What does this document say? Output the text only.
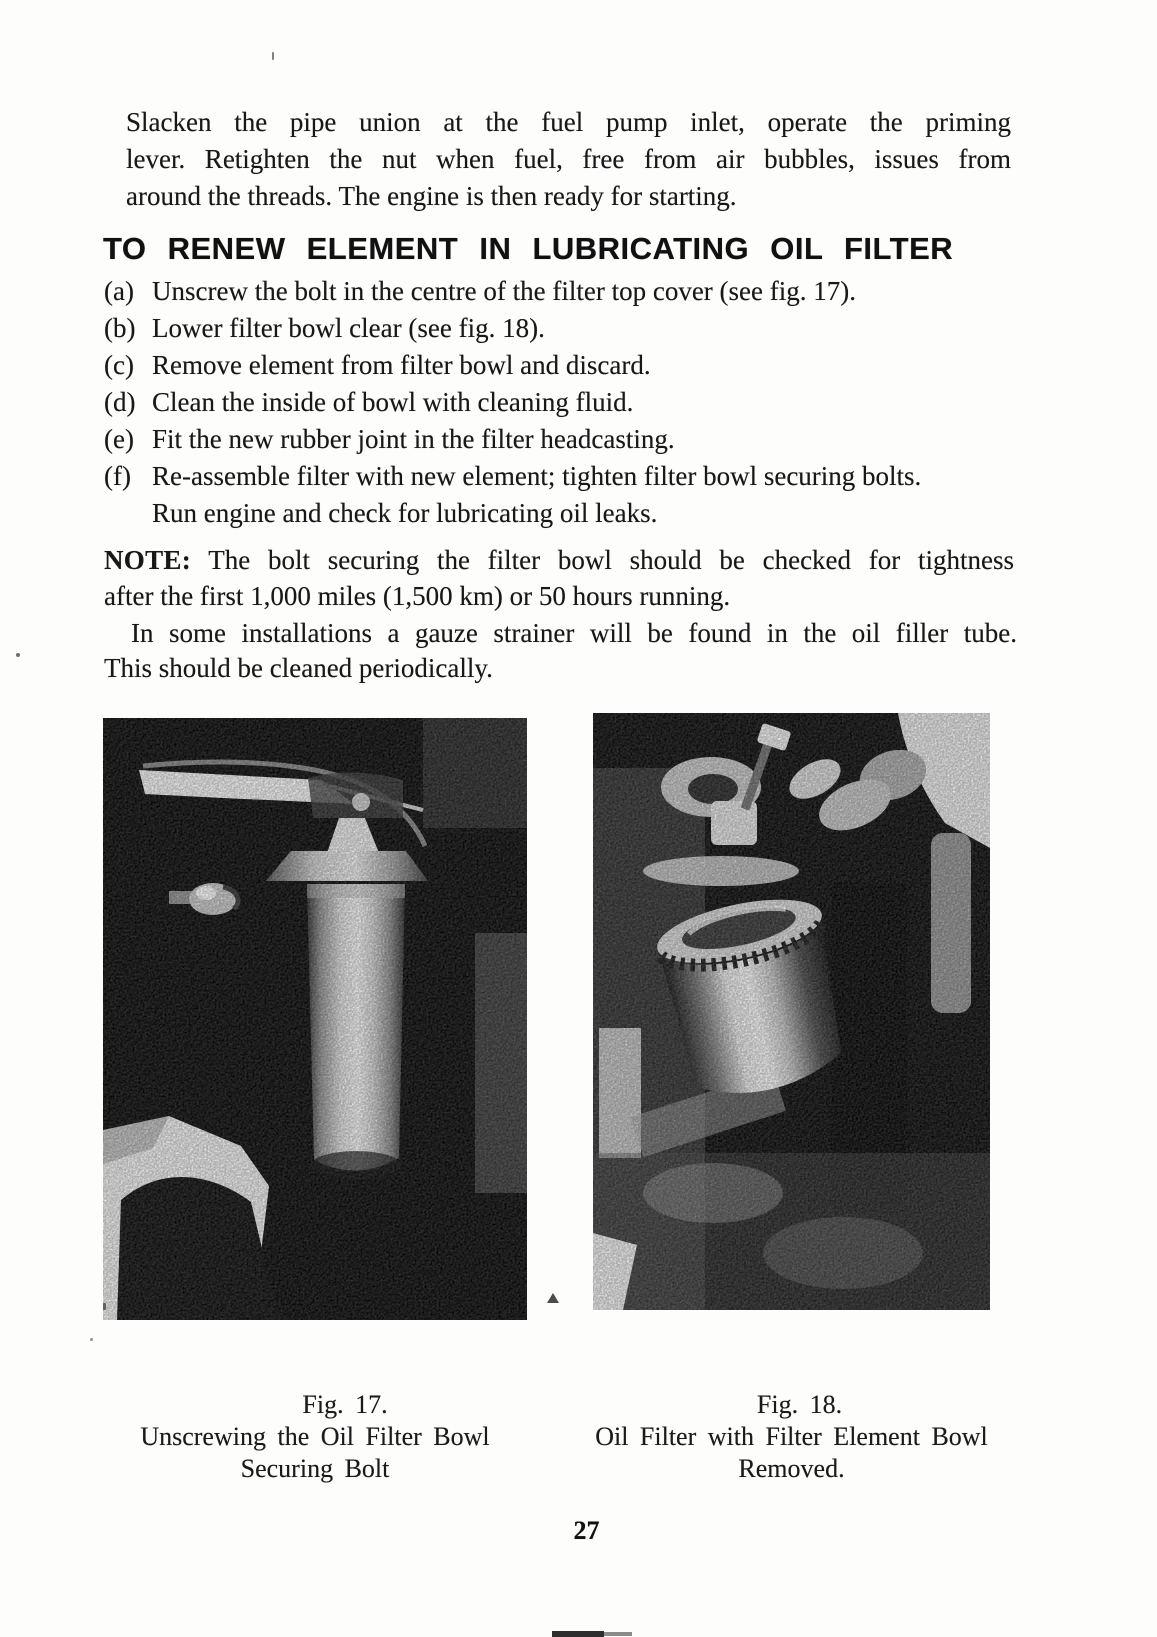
Slacken the pipe union at the fuel pump inlet, operate the priming
lever. Retighten the nut when fuel, free from air bubbles, issues from
around the threads. The engine is then ready for starting.
TO RENEW ELEMENT IN LUBRICATING OIL FILTER
(a) Unscrew the bolt in the centre of the filter top cover (see fig. 17).
(b) Lower filter bowl clear (see fig. 18).
(c) Remove element from filter bowl and discard.
(d) Clean the inside of bowl with cleaning fluid.
(e) Fit the new rubber joint in the filter headcasting.
(f) Re-assemble filter with new element; tighten filter bowl securing bolts.
Run engine and check for lubricating oil leaks.
NOTE: The bolt securing the filter bowl should be checked for tightness
after the first 1,000 miles (1,500 km) or 50 hours running.
In some installations a gauze strainer will be found in the oil filler tube.
This should be cleaned periodically.
Fig. 17.
Unscrewing the Oil Filter Bowl
Securing Bolt
Fig. 18.
Oil Filter with Filter Element Bowl
Removed.
27
